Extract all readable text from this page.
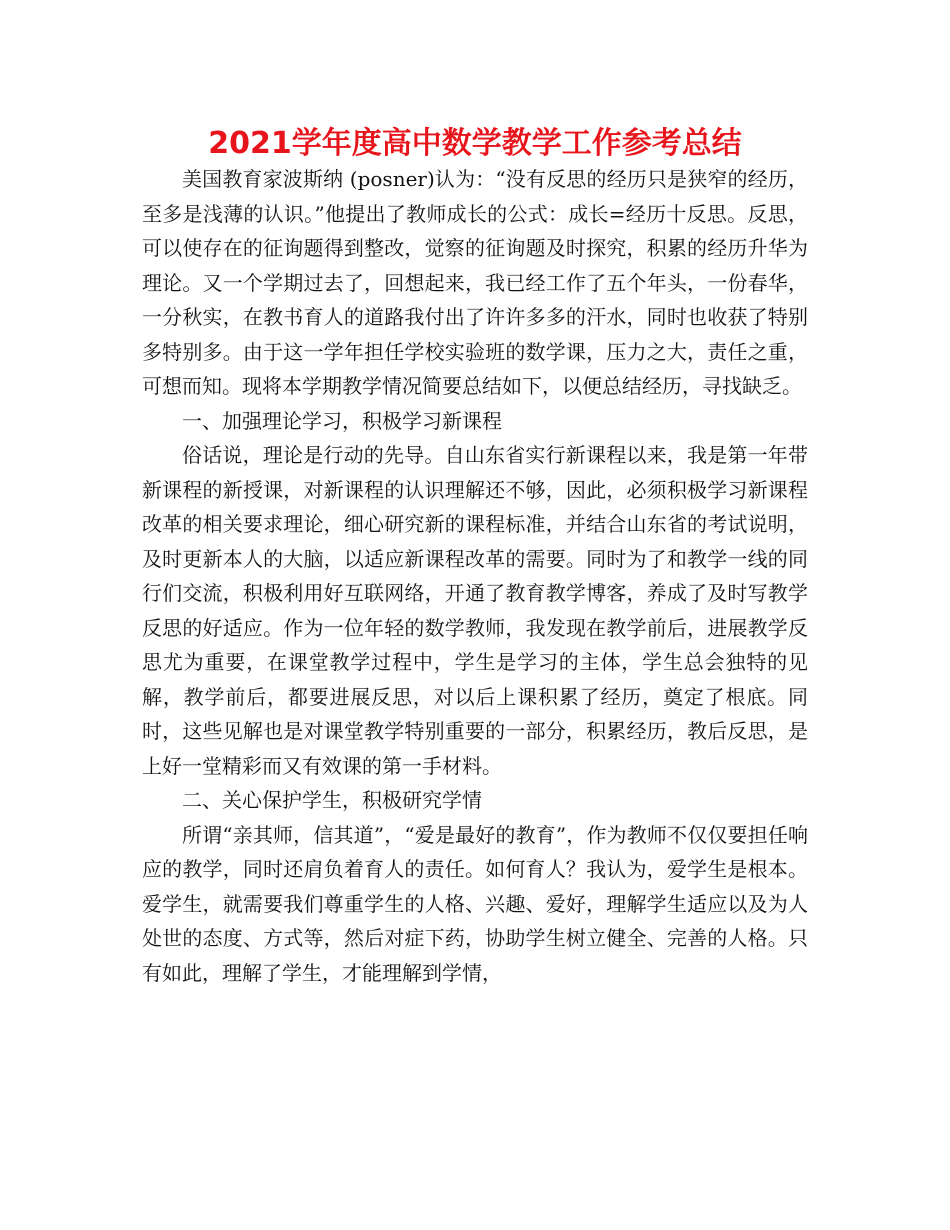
2021学年度高中数学教学工作参考总结

美国教育家波斯纳 (posner)认为：“没有反思的经历只是狭窄的经历，至多是浅薄的认识。”他提出了教师成长的公式：成长=经历十反思。反思，可以使存在的征询题得到整改，觉察的征询题及时探究，积累的经历升华为理论。又一个学期过去了，回想起来，我已经工作了五个年头，一份春华，一分秋实，在教书育人的道路我付出了许许多多的汗水，同时也收获了特别多特别多。由于这一学年担任学校实验班的数学课，压力之大，责任之重，可想而知。现将本学期教学情况简要总结如下，以便总结经历，寻找缺乏。

一、加强理论学习，积极学习新课程

俗话说，理论是行动的先导。自山东省实行新课程以来，我是第一年带新课程的新授课，对新课程的认识理解还不够，因此，必须积极学习新课程改革的相关要求理论，细心研究新的课程标准，并结合山东省的考试说明，及时更新本人的大脑，以适应新课程改革的需要。同时为了和教学一线的同行们交流，积极利用好互联网络，开通了教育教学博客，养成了及时写教学反思的好适应。作为一位年轻的数学教师，我发现在教学前后，进展教学反思尤为重要，在课堂教学过程中，学生是学习的主体，学生总会独特的见解，教学前后，都要进展反思，对以后上课积累了经历，奠定了根底。同时，这些见解也是对课堂教学特别重要的一部分，积累经历，教后反思，是上好一堂精彩而又有效课的第一手材料。

二、关心保护学生，积极研究学情

所谓“亲其师，信其道”，“爱是最好的教育”，作为教师不仅仅要担任响应的教学，同时还肩负着育人的责任。如何育人？我认为，爱学生是根本。爱学生，就需要我们尊重学生的人格、兴趣、爱好，理解学生适应以及为人处世的态度、方式等，然后对症下药，协助学生树立健全、完善的人格。只有如此，理解了学生，才能理解到学情，
